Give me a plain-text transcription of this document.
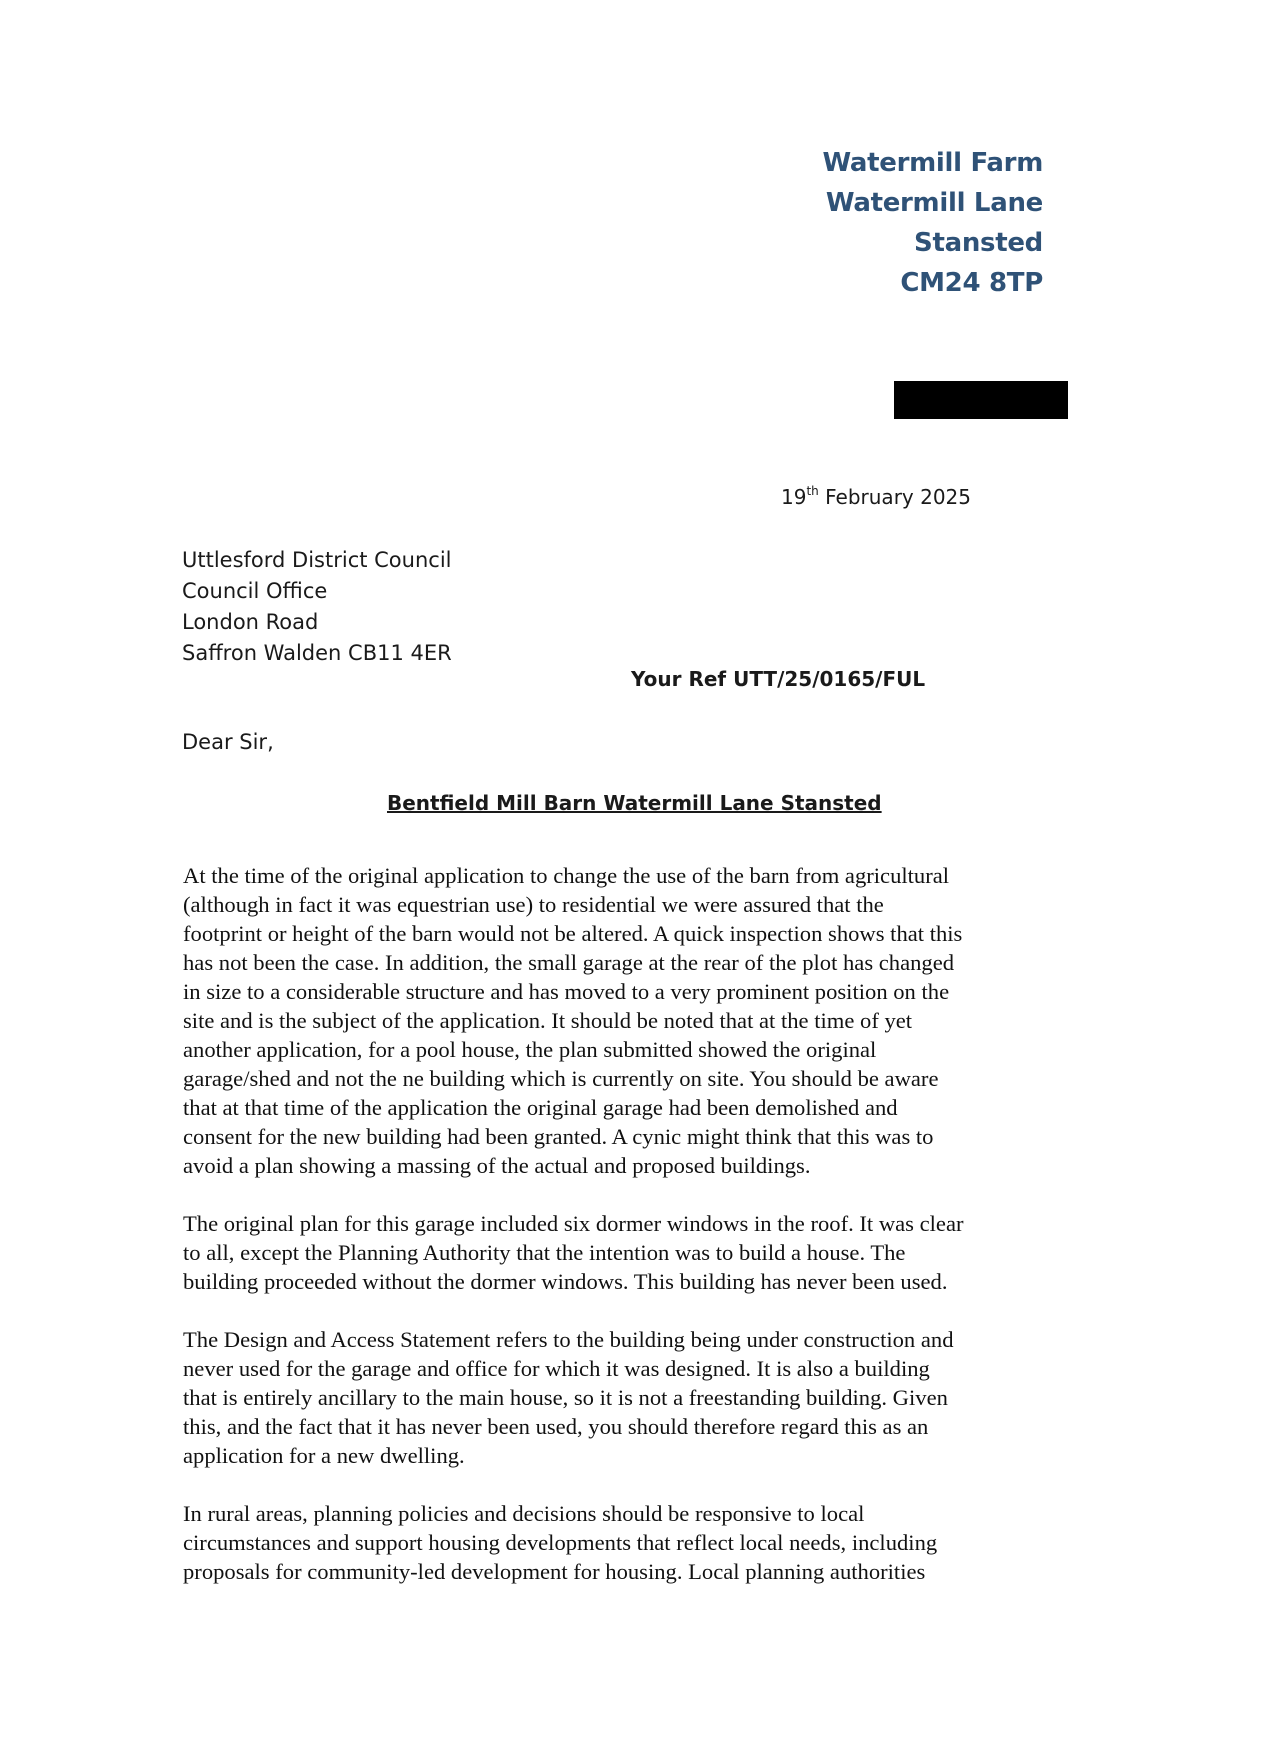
Watermill Farm
Watermill Lane
Stansted
CM24 8TP
19th February 2025
Uttlesford District Council
Council Office
London Road
Saffron Walden CB11 4ER
Your Ref UTT/25/0165/FUL
Dear Sir,
Bentfield Mill Barn Watermill Lane Stansted
At the time of the original application to change the use of the barn from agricultural
(although in fact it was equestrian use) to residential we were assured that the
footprint or height of the barn would not be altered. A quick inspection shows that this
has not been the case. In addition, the small garage at the rear of the plot has changed
in size to a considerable structure and has moved to a very prominent position on the
site and is the subject of the application. It should be noted that at the time of yet
another application, for a pool house, the plan submitted showed the original
garage/shed and not the ne building which is currently on site. You should be aware
that at that time of the application the original garage had been demolished and
consent for the new building had been granted. A cynic might think that this was to
avoid a plan showing a massing of the actual and proposed buildings.
The original plan for this garage included six dormer windows in the roof. It was clear
to all, except the Planning Authority that the intention was to build a house. The
building proceeded without the dormer windows. This building has never been used.
The Design and Access Statement refers to the building being under construction and
never used for the garage and office for which it was designed. It is also a building
that is entirely ancillary to the main house, so it is not a freestanding building. Given
this, and the fact that it has never been used, you should therefore regard this as an
application for a new dwelling.
In rural areas, planning policies and decisions should be responsive to local
circumstances and support housing developments that reflect local needs, including
proposals for community-led development for housing. Local planning authorities
